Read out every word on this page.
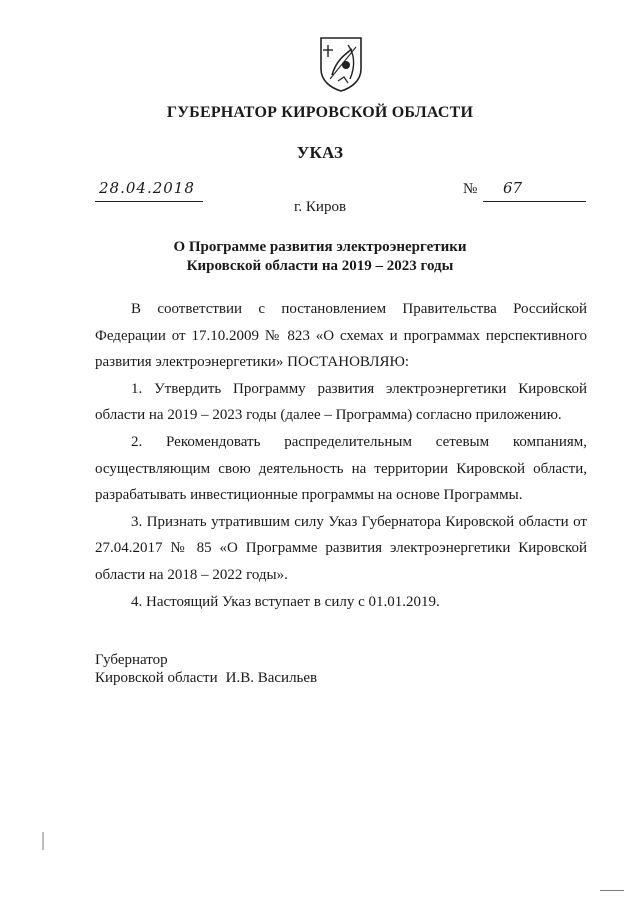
ГУБЕРНАТОР КИРОВСКОЙ ОБЛАСТИ
УКАЗ
28.04.2018	№ 67
г. Киров
О Программе развития электроэнергетики
Кировской области на 2019 – 2023 годы

В соответствии с постановлением Правительства Российской Федерации от 17.10.2009 № 823 «О схемах и программах перспективного развития электроэнергетики» ПОСТАНОВЛЯЮ:

1. Утвердить Программу развития электроэнергетики Кировской области на 2019 – 2023 годы (далее – Программа) согласно приложению.

2. Рекомендовать распределительным сетевым компаниям, осуществляющим свою деятельность на территории Кировской области, разрабатывать инвестиционные программы на основе Программы.

3. Признать утратившим силу Указ Губернатора Кировской области от 27.04.2017 № 85 «О Программе развития электроэнергетики Кировской области на 2018 – 2022 годы».

4. Настоящий Указ вступает в силу с 01.01.2019.

Губернатор
Кировской области И.В. Васильев
